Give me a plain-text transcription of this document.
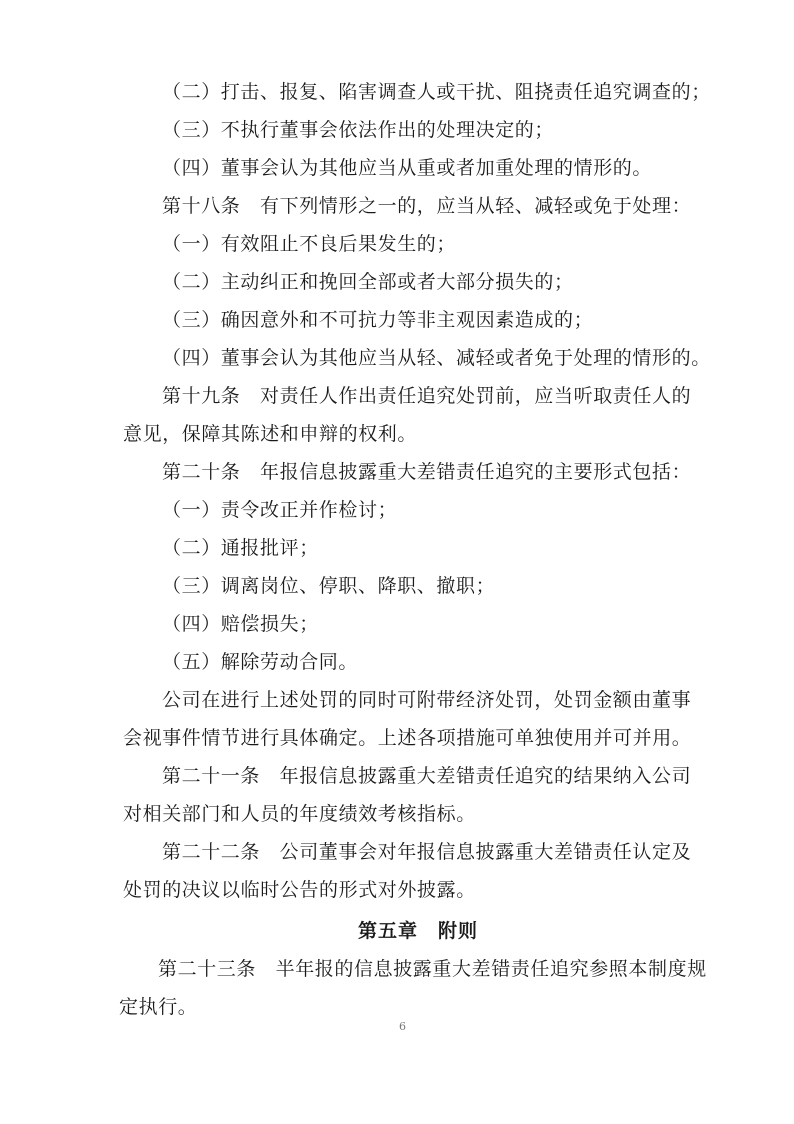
（二）打击、报复、陷害调查人或干扰、阻挠责任追究调查的；
（三）不执行董事会依法作出的处理决定的；
（四）董事会认为其他应当从重或者加重处理的情形的。
第十八条　有下列情形之一的，应当从轻、减轻或免于处理：
（一）有效阻止不良后果发生的；
（二）主动纠正和挽回全部或者大部分损失的；
（三）确因意外和不可抗力等非主观因素造成的；
（四）董事会认为其他应当从轻、减轻或者免于处理的情形的。
第十九条　对责任人作出责任追究处罚前，应当听取责任人的
意见，保障其陈述和申辩的权利。
第二十条　年报信息披露重大差错责任追究的主要形式包括：
（一）责令改正并作检讨；
（二）通报批评；
（三）调离岗位、停职、降职、撤职；
（四）赔偿损失；
（五）解除劳动合同。
公司在进行上述处罚的同时可附带经济处罚，处罚金额由董事
会视事件情节进行具体确定。上述各项措施可单独使用并可并用。
第二十一条　年报信息披露重大差错责任追究的结果纳入公司
对相关部门和人员的年度绩效考核指标。
第二十二条　公司董事会对年报信息披露重大差错责任认定及
处罚的决议以临时公告的形式对外披露。
第五章　附则
第二十三条　半年报的信息披露重大差错责任追究参照本制度规
定执行。
6
